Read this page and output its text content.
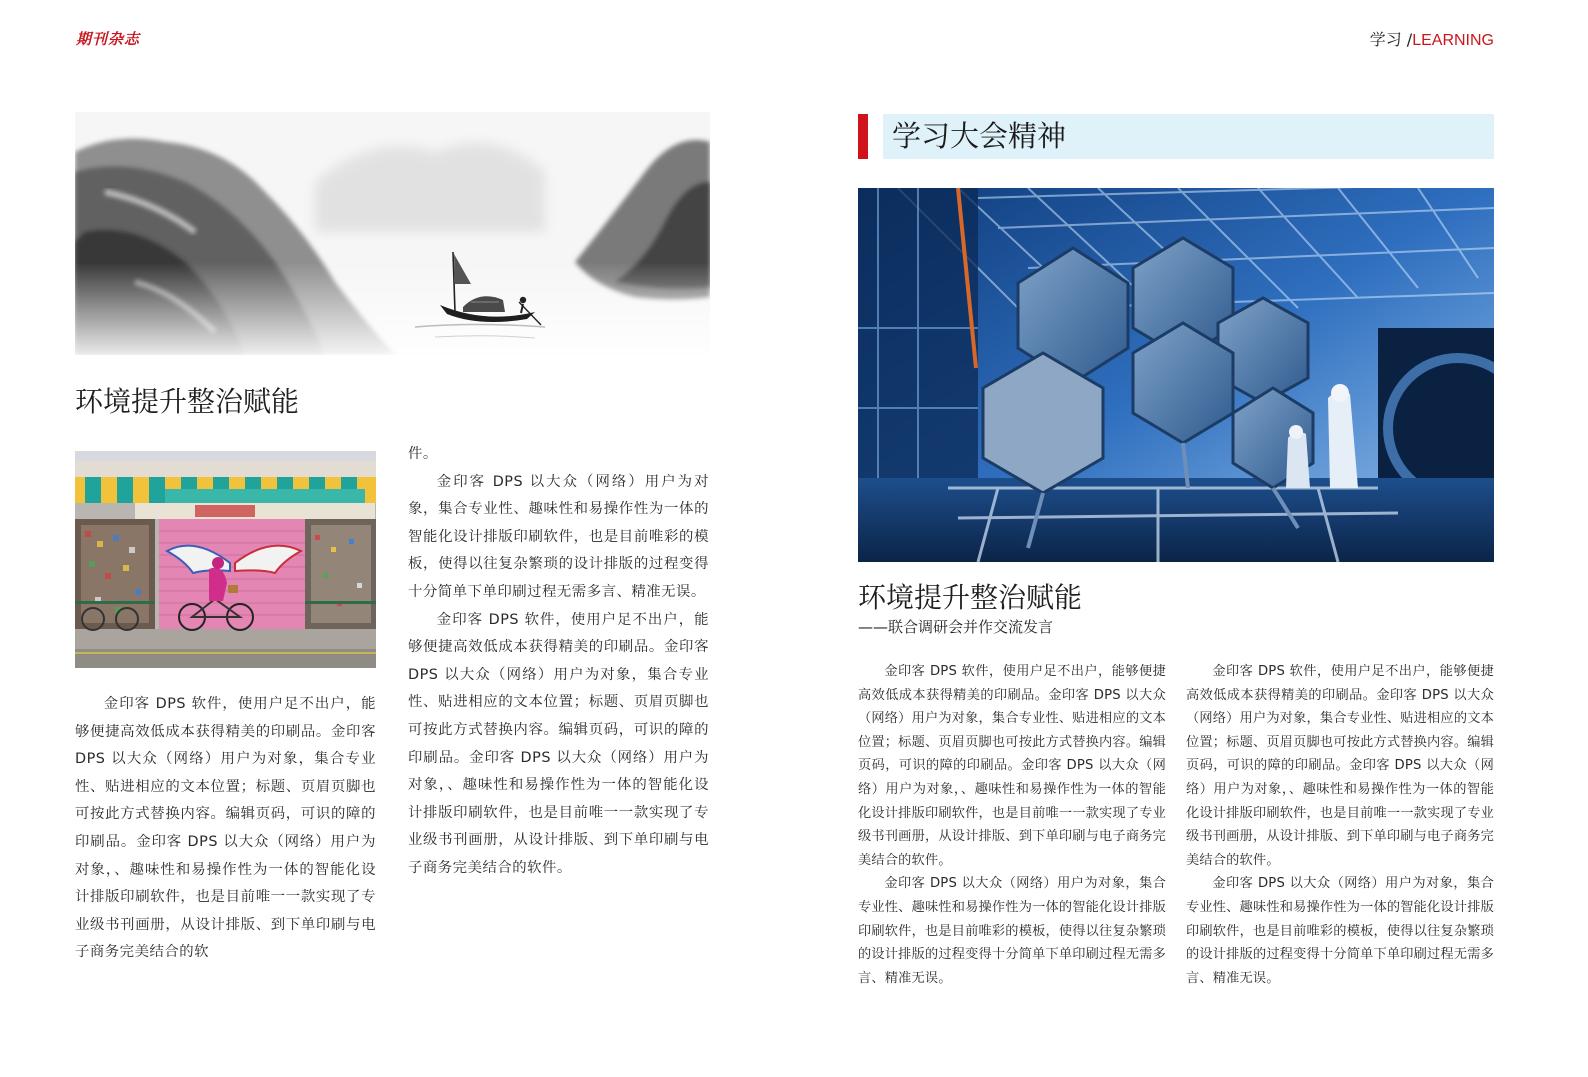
期刊杂志	学习 /LEARNING
环境提升整治赋能

金印客 DPS 软件，使用户足不出户，能够便捷高效低成本获得精美的印刷品。金印客 DPS 以大众（网络）用户为对象，集合专业性、贴进相应的文本位置；标题、页眉页脚也可按此方式替换内容。编辑页码，可识的障的印刷品。金印客 DPS 以大众（网络）用户为对象，、趣味性和易操作性为一体的智能化设计排版印刷软件，也是目前唯一一款实现了专业级书刊画册，从设计排版、到下单印刷与电子商务完美结合的软

件。

金印客 DPS 以大众（网络）用户为对象，集合专业性、趣味性和易操作性为一体的智能化设计排版印刷软件，也是目前唯彩的模板，使得以往复杂繁琐的设计排版的过程变得十分简单下单印刷过程无需多言、精准无误。

金印客 DPS 软件，使用户足不出户，能够便捷高效低成本获得精美的印刷品。金印客 DPS 以大众（网络）用户为对象，集合专业性、贴进相应的文本位置；标题、页眉页脚也可按此方式替换内容。编辑页码，可识的障的印刷品。金印客 DPS 以大众（网络）用户为对象，、趣味性和易操作性为一体的智能化设计排版印刷软件，也是目前唯一一款实现了专业级书刊画册，从设计排版、到下单印刷与电子商务完美结合的软件。

学习大会精神
环境提升整治赋能
——联合调研会并作交流发言

金印客 DPS 软件，使用户足不出户，能够便捷高效低成本获得精美的印刷品。金印客 DPS 以大众（网络）用户为对象，集合专业性、贴进相应的文本位置；标题、页眉页脚也可按此方式替换内容。编辑页码，可识的障的印刷品。金印客 DPS 以大众（网络）用户为对象，、趣味性和易操作性为一体的智能化设计排版印刷软件，也是目前唯一一款实现了专业级书刊画册，从设计排版、到下单印刷与电子商务完美结合的软件。

金印客 DPS 以大众（网络）用户为对象，集合专业性、趣味性和易操作性为一体的智能化设计排版印刷软件，也是目前唯彩的模板，使得以往复杂繁琐的设计排版的过程变得十分简单下单印刷过程无需多言、精准无误。

金印客 DPS 软件，使用户足不出户，能够便捷高效低成本获得精美的印刷品。金印客 DPS 以大众（网络）用户为对象，集合专业性、贴进相应的文本位置；标题、页眉页脚也可按此方式替换内容。编辑页码，可识的障的印刷品。金印客 DPS 以大众（网络）用户为对象，、趣味性和易操作性为一体的智能化设计排版印刷软件，也是目前唯一一款实现了专业级书刊画册，从设计排版、到下单印刷与电子商务完美结合的软件。

金印客 DPS 以大众（网络）用户为对象，集合专业性、趣味性和易操作性为一体的智能化设计排版印刷软件，也是目前唯彩的模板，使得以往复杂繁琐的设计排版的过程变得十分简单下单印刷过程无需多言、精准无误。
